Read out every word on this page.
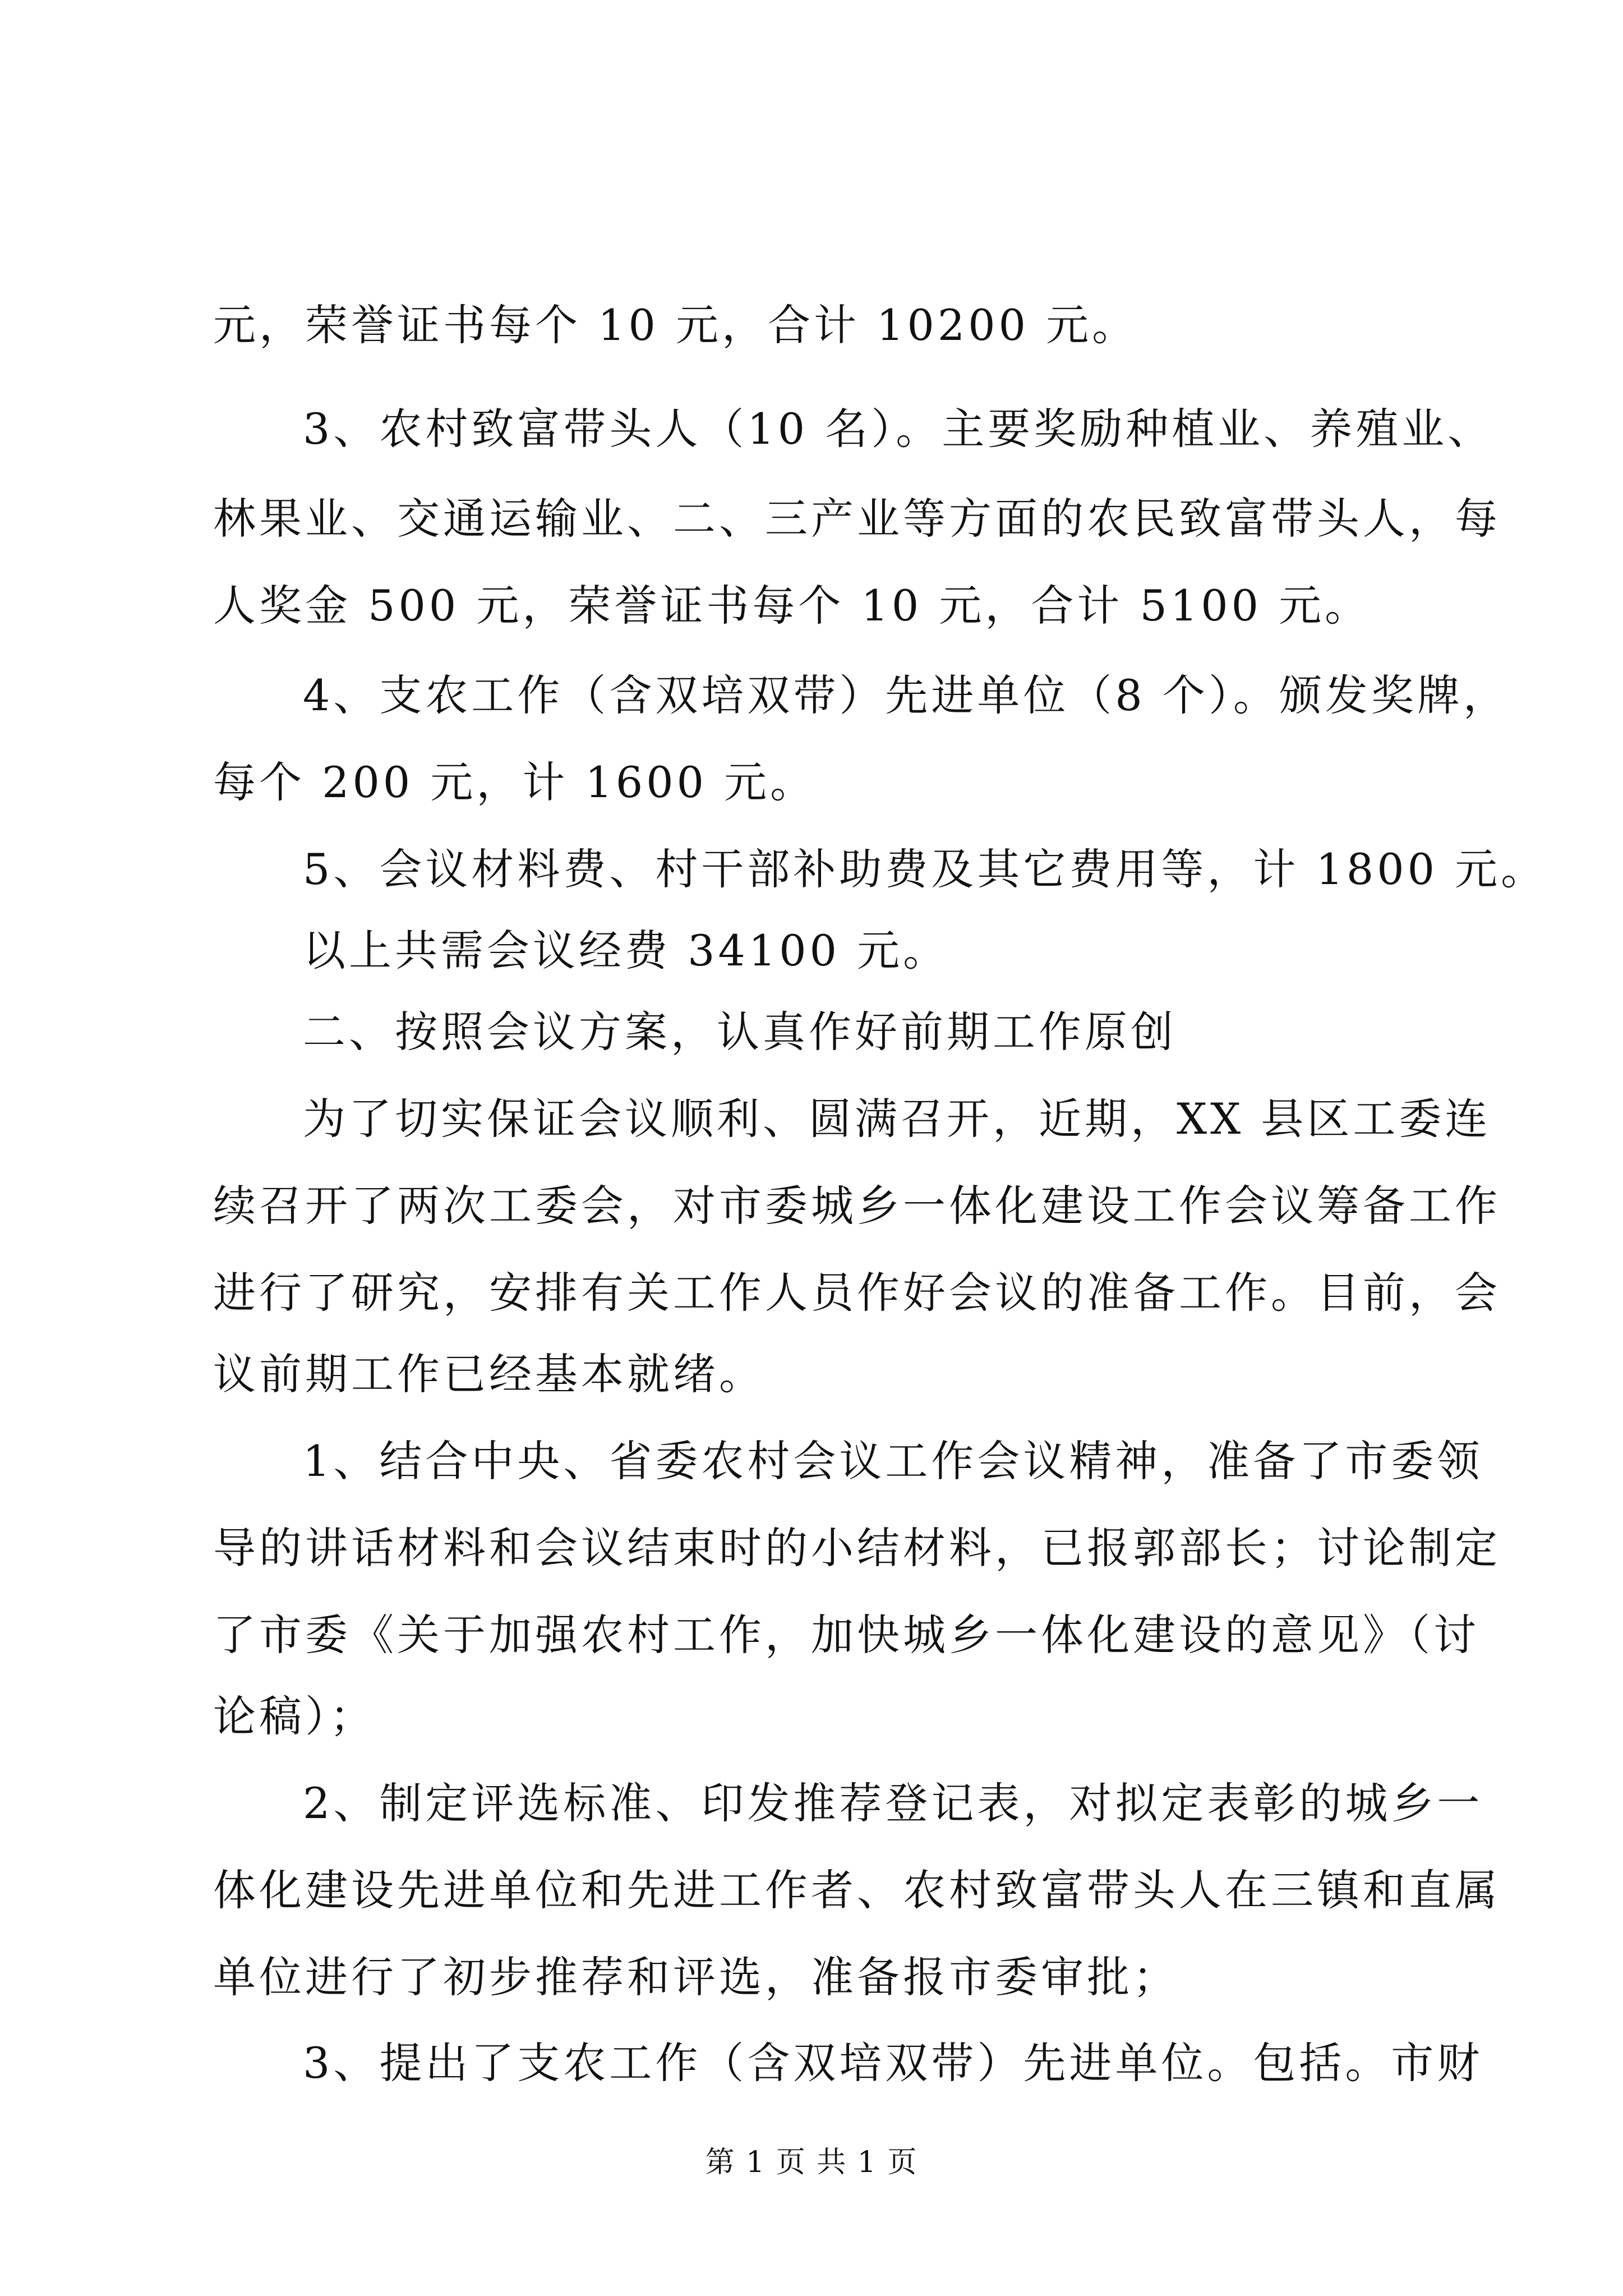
元，荣誉证书每个 10 元，合计 10200 元。
3、农村致富带头人（10 名）。主要奖励种植业、养殖业、
林果业、交通运输业、二、三产业等方面的农民致富带头人，每
人奖金 500 元，荣誉证书每个 10 元，合计 5100 元。
4、支农工作（含双培双带）先进单位（8 个）。颁发奖牌，
每个 200 元，计 1600 元。
5、会议材料费、村干部补助费及其它费用等，计 1800 元。
以上共需会议经费 34100 元。
二、按照会议方案，认真作好前期工作原创
为了切实保证会议顺利、圆满召开，近期，XX 县区工委连
续召开了两次工委会，对市委城乡一体化建设工作会议筹备工作
进行了研究，安排有关工作人员作好会议的准备工作。目前，会
议前期工作已经基本就绪。
1、结合中央、省委农村会议工作会议精神，准备了市委领
导的讲话材料和会议结束时的小结材料，已报郭部长；讨论制定
了市委《关于加强农村工作，加快城乡一体化建设的意见》（讨
论稿）；
2、制定评选标准、印发推荐登记表，对拟定表彰的城乡一
体化建设先进单位和先进工作者、农村致富带头人在三镇和直属
单位进行了初步推荐和评选，准备报市委审批；
3、提出了支农工作（含双培双带）先进单位。包括。市财
第 1 页 共 1 页
